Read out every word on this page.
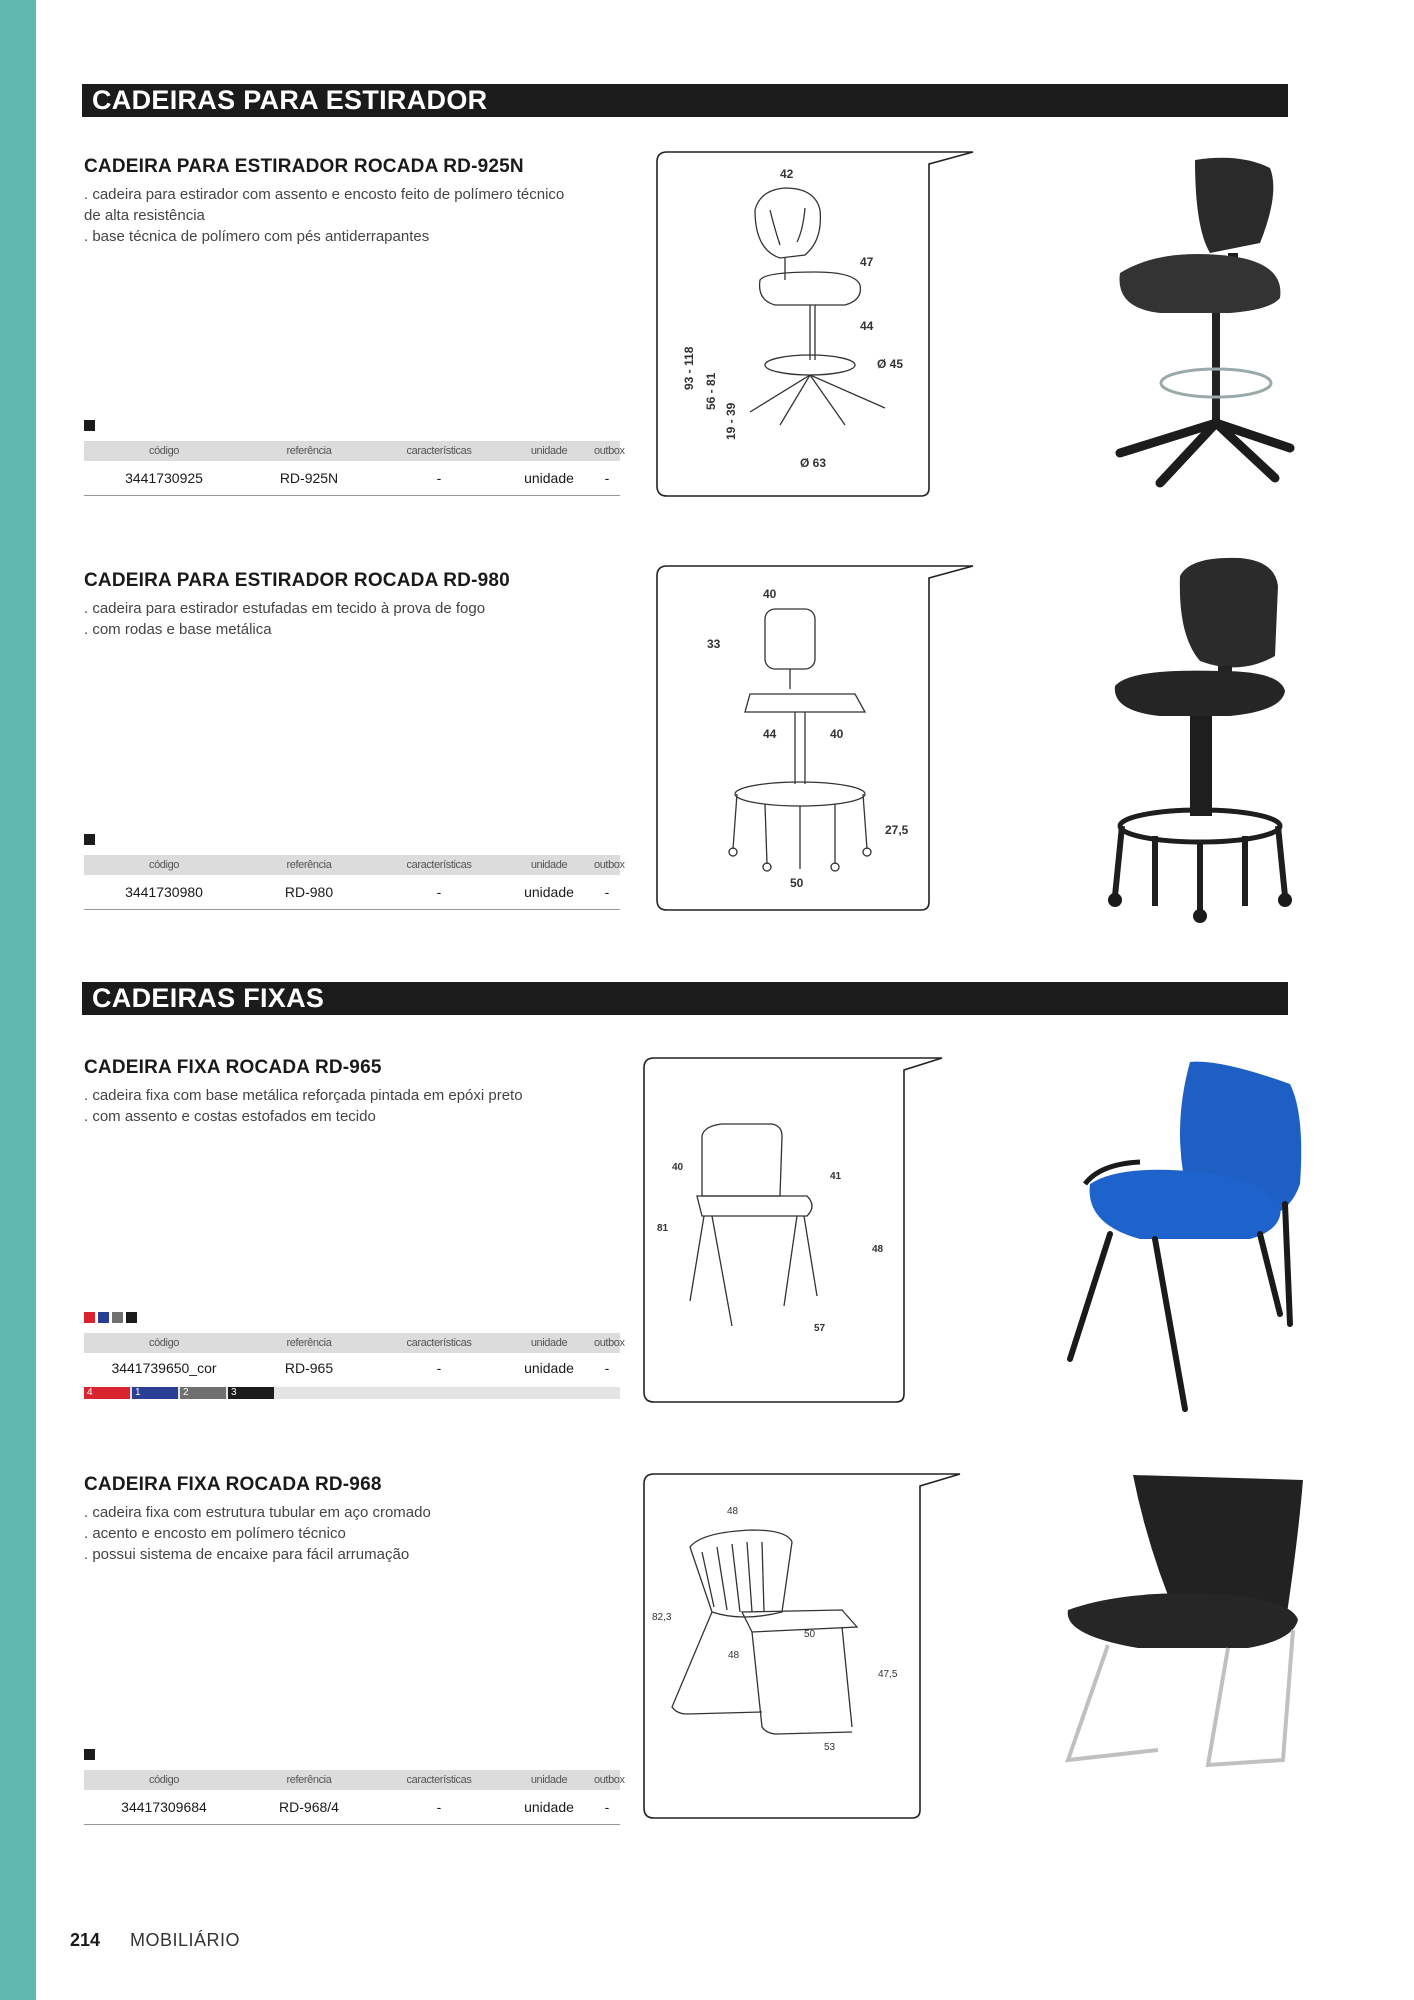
CADEIRAS PARA ESTIRADOR
CADEIRA PARA ESTIRADOR ROCADA RD-925N
. cadeira para estirador com assento e encosto feito de polímero técnico
de alta resistência
. base técnica de polímero com pés antiderrapantes
código	referência	características	unidade	outbox
3441730925	RD-925N	-	unidade	-
42
47
44
93 - 118
56 - 81
19 - 39
Ø 45
Ø 63
CADEIRA PARA ESTIRADOR ROCADA RD-980
. cadeira para estirador estufadas em tecido à prova de fogo
. com rodas e base metálica
código	referência	características	unidade	outbox
3441730980	RD-980	-	unidade	-
40
33
44	40
27,5
50
CADEIRAS FIXAS
CADEIRA FIXA ROCADA RD-965
. cadeira fixa com base metálica reforçada pintada em epóxi preto
. com assento e costas estofados em tecido
código	referência	características	unidade	outbox
3441739650_cor	RD-965	-	unidade	-
4	1	2	3
40
41
81
48
57
CADEIRA FIXA ROCADA RD-968
. cadeira fixa com estrutura tubular em aço cromado
. acento e encosto em polímero técnico
. possui sistema de encaixe para fácil arrumação
código	referência	características	unidade	outbox
34417309684	RD-968/4	-	unidade	-
48
82,3
50
48
47,5
53
214 MOBILIÁRIO
